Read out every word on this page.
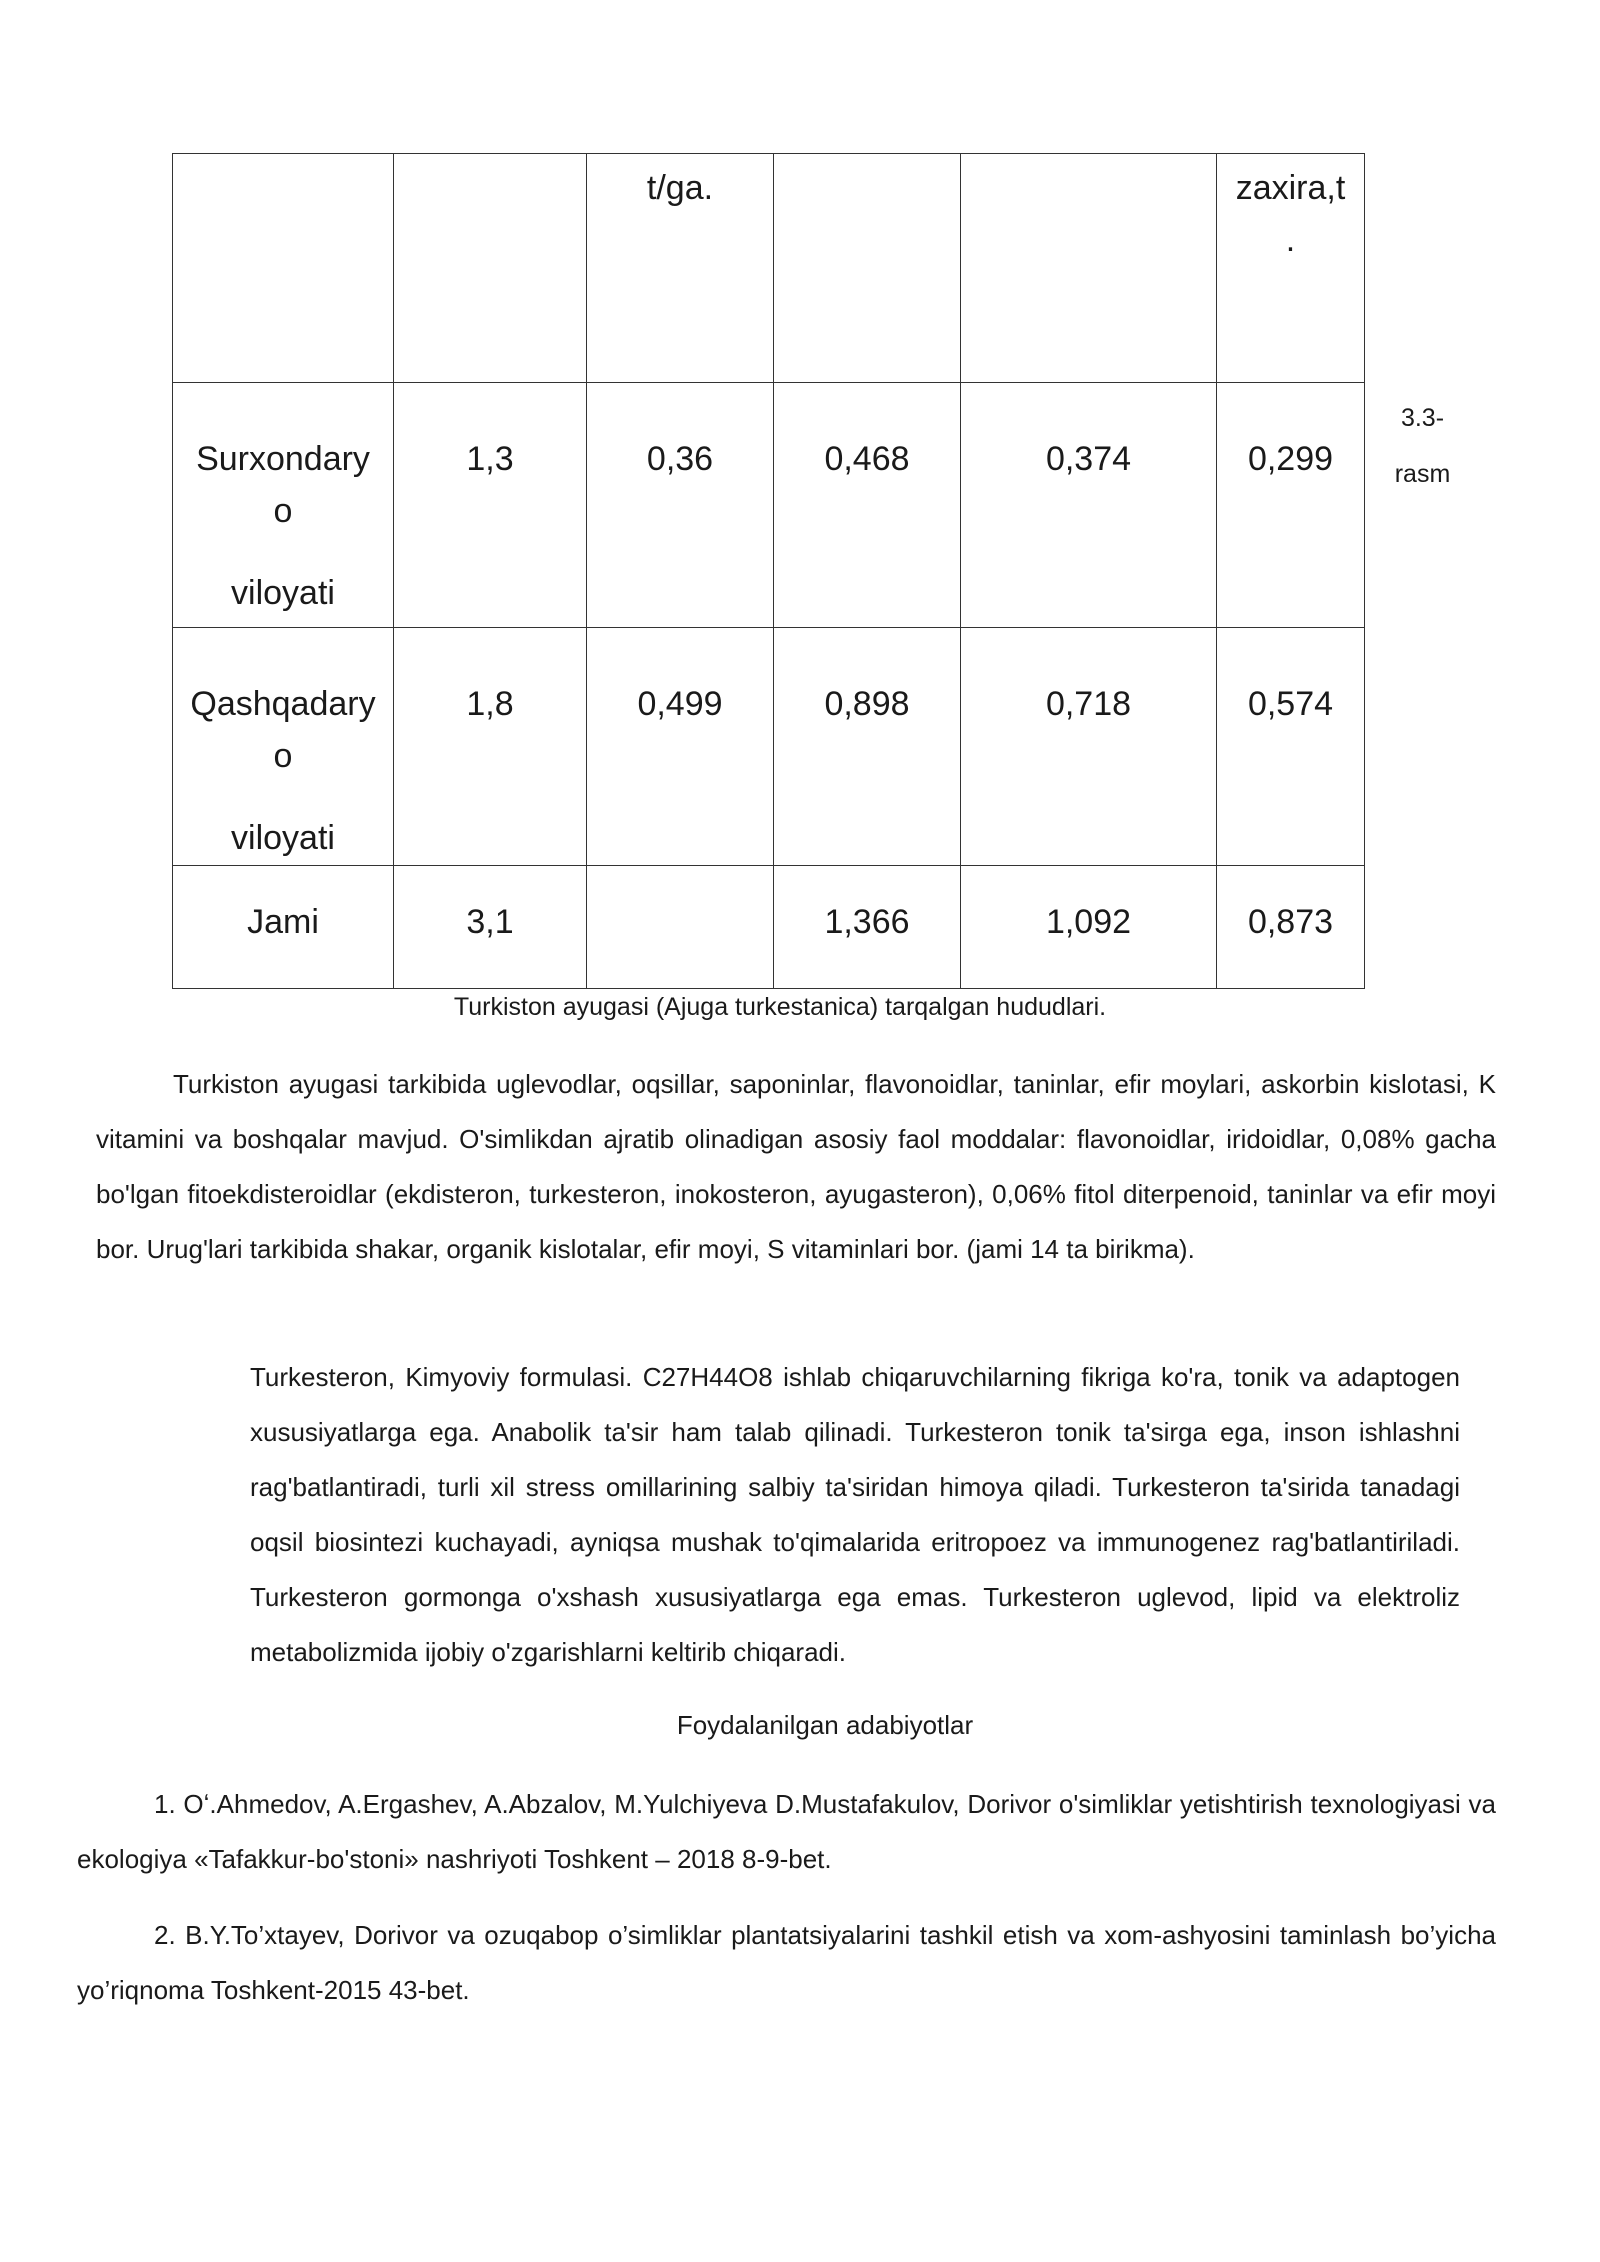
		t/ga.			zaxira,t
.

Surxondary
o
viloyati	1,3	0,36	0,468	0,374	0,299

Qashqadary
o
viloyati	1,8	0,499	0,898	0,718	0,574
Jami	3,1		1,366	1,092	0,873
3.3-
rasm
Turkiston ayugasi (Ajuga turkestanica) tarqalgan hududlari.

Turkiston ayugasi tarkibida uglevodlar, oqsillar, saponinlar, flavonoidlar, taninlar, efir moylari, askorbin kislotasi, K vitamini va boshqalar mavjud. O'simlikdan ajratib olinadigan asosiy faol moddalar: flavonoidlar, iridoidlar, 0,08% gacha bo'lgan fitoekdisteroidlar (ekdisteron, turkesteron, inokosteron, ayugasteron), 0,06% fitol diterpenoid, taninlar va efir moyi bor. Urug'lari tarkibida shakar, organik kislotalar, efir moyi, S vitaminlari bor. (jami 14 ta birikma).

Turkesteron, Kimyoviy formulasi. C27H44O8 ishlab chiqaruvchilarning fikriga ko'ra, tonik va adaptogen xususiyatlarga ega. Anabolik ta'sir ham talab qilinadi. Turkesteron tonik ta'sirga ega, inson ishlashni rag'batlantiradi, turli xil stress omillarining salbiy ta'siridan himoya qiladi. Turkesteron ta'sirida tanadagi oqsil biosintezi kuchayadi, ayniqsa mushak to'qimalarida eritropoez va immunogenez rag'batlantiriladi. Turkesteron gormonga o'xshash xususiyatlarga ega emas. Turkesteron uglevod, lipid va elektroliz metabolizmida ijobiy o'zgarishlarni keltirib chiqaradi.

Foydalanilgan adabiyotlar

1. Oʻ.Ahmedov, A.Ergashev, A.Abzalov, M.Yulchiyeva D.Mustafakulov, Dorivor o'simliklar yetishtirish texnologiyasi va ekologiya «Tafakkur-bo'stoni» nashriyoti Toshkent – 2018 8-9-bet.

2. B.Y.To’xtayev, Dorivor va ozuqabop o’simliklar plantatsiyalarini tashkil etish va xom-ashyosini taminlash bo’yicha yo’riqnoma Toshkent-2015 43-bet.
